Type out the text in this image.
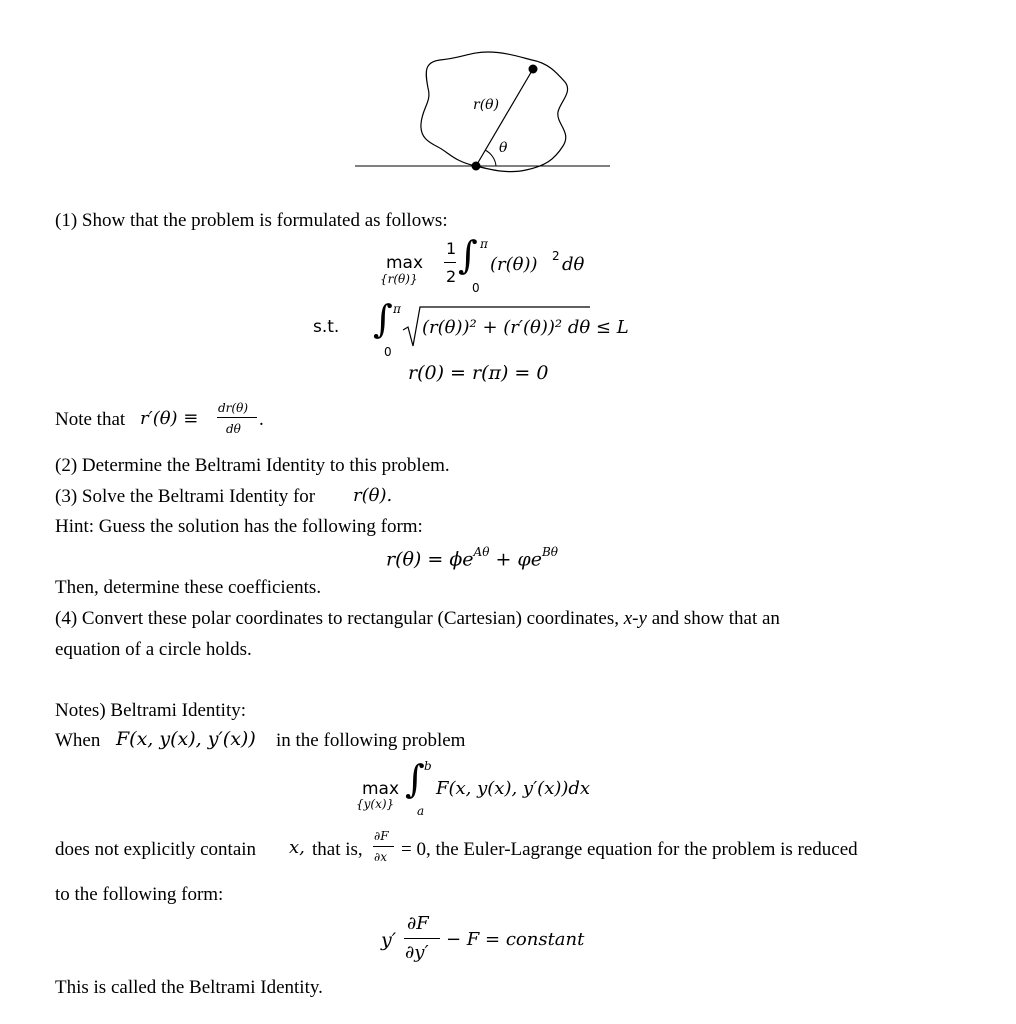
r(θ)
θ
(1) Show that the problem is formulated as follows:
max
{r(θ)}
1
2 ∫ π
0
(r(θ)) 2 dθ
s.t. ∫ π
0
(r(θ))² + (r′(θ))² dθ ≤ L
r(0) = r(π) = 0
Note that r′(θ) ≡ dr(θ)
dθ .
(2) Determine the Beltrami Identity to this problem.
(3) Solve the Beltrami Identity for r(θ).
Hint: Guess the solution has the following form:
$r(\theta) = \phi e^{A\theta} + \varphi e^{B\theta}$
Then, determine these coefficients.
(4) Convert these polar coordinates to rectangular (Cartesian) coordinates, x-y and show that an
equation of a circle holds.
Notes) Beltrami Identity:
When F(x, y(x), y′(x)) in the following problem
max
{y(x)}
∫ b
a
F(x, y(x), y′(x))dx
does not explicitly contain x, that is,
∂F
∂x = 0, the Euler-Lagrange equation for the problem is reduced
to the following form:
y′
∂F
∂y′
− F = constant
This is called the Beltrami Identity.
